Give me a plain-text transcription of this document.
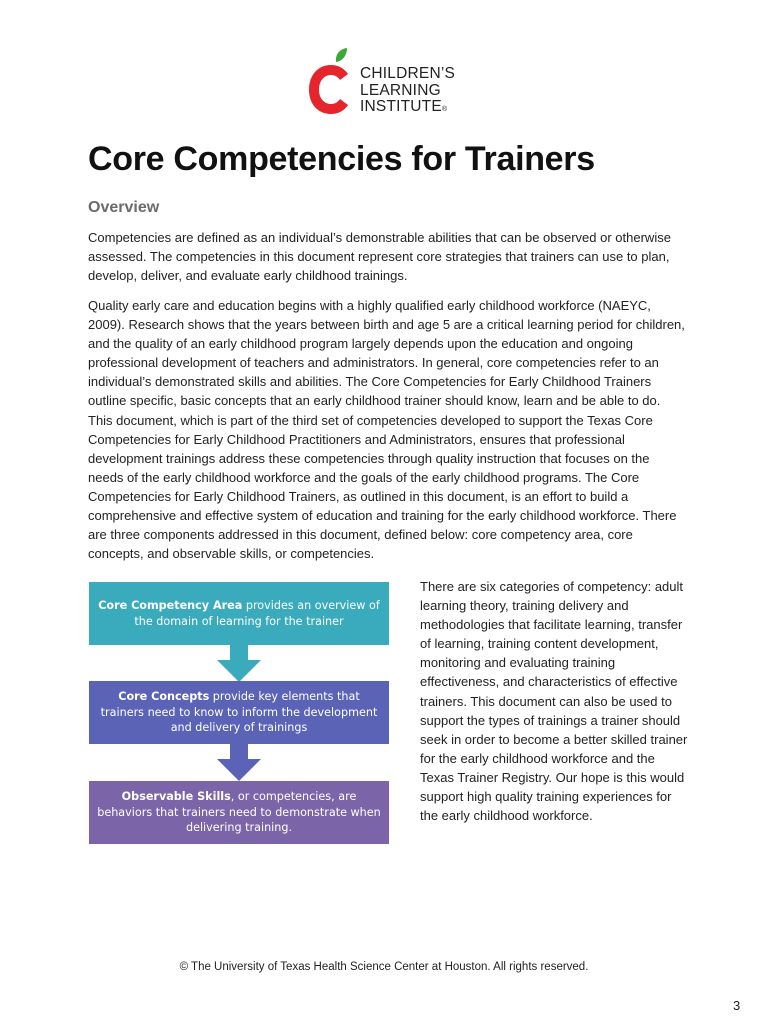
CHILDREN’S
LEARNING
INSTITUTE®
Core Competencies for Trainers
Overview

Competencies are defined as an individual’s demonstrable abilities that can be observed or otherwise assessed. The competencies in this document represent core strategies that trainers can use to plan, develop, deliver, and evaluate early childhood trainings.

Quality early care and education begins with a highly qualified early childhood workforce (NAEYC, 2009). Research shows that the years between birth and age 5 are a critical learning period for children, and the quality of an early childhood program largely depends upon the education and ongoing professional development of teachers and administrators. In general, core competencies refer to an individual’s demonstrated skills and abilities. The Core Competencies for Early Childhood Trainers outline specific, basic concepts that an early childhood trainer should know, learn and be able to do. This document, which is part of the third set of competencies developed to support the Texas Core Competencies for Early Childhood Practitioners and Administrators, ensures that professional development trainings address these competencies through quality instruction that focuses on the needs of the early childhood workforce and the goals of the early childhood programs. The Core Competencies for Early Childhood Trainers, as outlined in this document, is an effort to build a comprehensive and effective system of education and training for the early childhood workforce. There are three components addressed in this document, defined below: core competency area, core concepts, and observable skills, or competencies.

Core Competency Area provides an overview of the domain of learning for the trainer
Core Concepts provide key elements that trainers need to know to inform the development and delivery of trainings
Observable Skills, or competencies, are behaviors that trainers need to demonstrate when delivering training.

There are six categories of competency: adult learning theory, training delivery and methodologies that facilitate learning, transfer of learning, training content development, monitoring and evaluating training effectiveness, and characteristics of effective trainers. This document can also be used to support the types of trainings a trainer should seek in order to become a better skilled trainer for the early childhood workforce and the Texas Trainer Registry. Our hope is this would support high quality training experiences for the early childhood workforce.

© The University of Texas Health Science Center at Houston. All rights reserved.
3
